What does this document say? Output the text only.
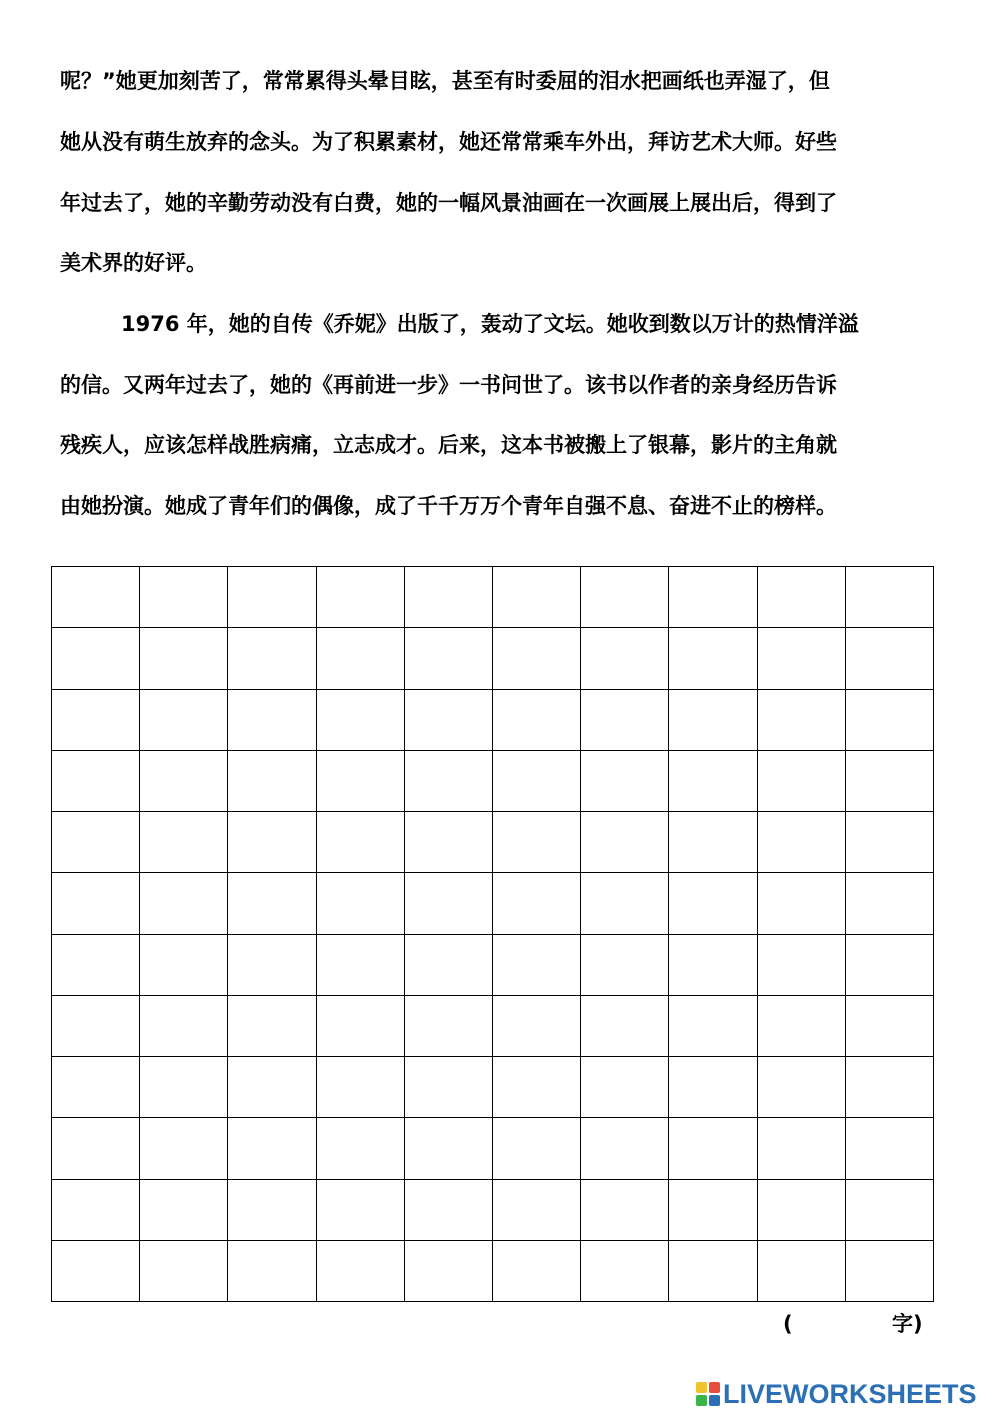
呢？”她更加刻苦了，常常累得头晕目眩，甚至有时委屈的泪水把画纸也弄湿了，但
她从没有萌生放弃的念头。为了积累素材，她还常常乘车外出，拜访艺术大师。好些
年过去了，她的辛勤劳动没有白费，她的一幅风景油画在一次画展上展出后，得到了
美术界的好评。
1976 年，她的自传《乔妮》出版了，轰动了文坛。她收到数以万计的热情洋溢
的信。又两年过去了，她的《再前进一步》一书问世了。该书以作者的亲身经历告诉
残疾人，应该怎样战胜病痛，立志成才。后来，这本书被搬上了银幕，影片的主角就
由她扮演。她成了青年们的偶像，成了千千万万个青年自强不息、奋进不止的榜样。
(	字)
LIVEWORKSHEETS
